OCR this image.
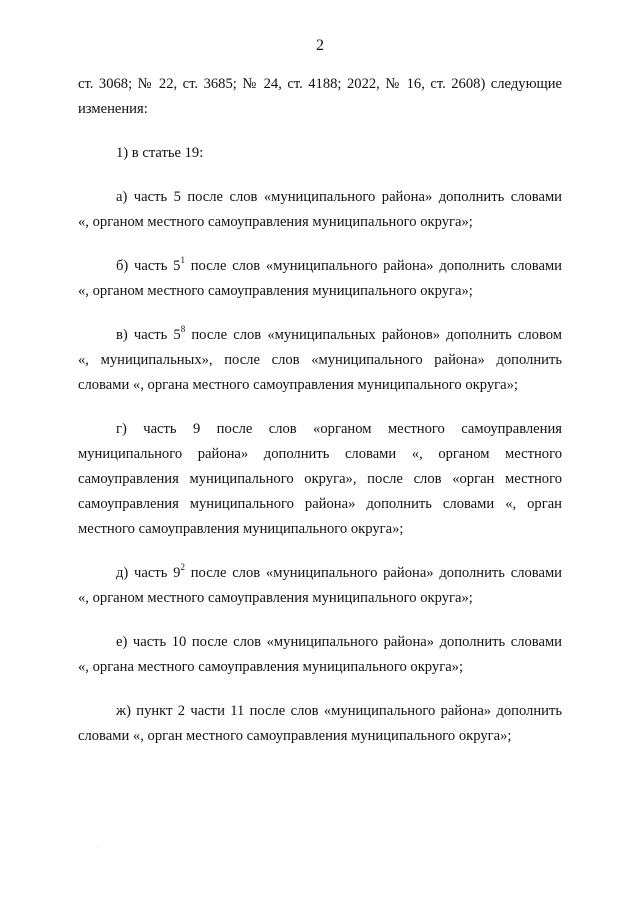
2

ст. 3068; № 22, ст. 3685; № 24, ст. 4188; 2022, № 16, ст. 2608) следующие
изменения:

1) в статье 19:

а) часть 5 после слов «муниципального района» дополнить словами
«, органом местного самоуправления муниципального округа»;

б) часть $5^1$ после слов «муниципального района» дополнить словами
«, органом местного самоуправления муниципального округа»;

в) часть $5^8$ после слов «муниципальных районов» дополнить словом
«, муниципальных», после слов «муниципального района» дополнить
словами «, органа местного самоуправления муниципального округа»;

г) часть 9 после слов «органом местного самоуправления
муниципального района» дополнить словами «, органом местного
самоуправления муниципального округа», после слов «орган местного
самоуправления муниципального района» дополнить словами «, орган
местного самоуправления муниципального округа»;

д) часть $9^2$ после слов «муниципального района» дополнить словами
«, органом местного самоуправления муниципального округа»;

е) часть 10 после слов «муниципального района» дополнить словами
«, органа местного самоуправления муниципального округа»;

ж) пункт 2 части 11 после слов «муниципального района» дополнить
словами «, орган местного самоуправления муниципального округа»;
